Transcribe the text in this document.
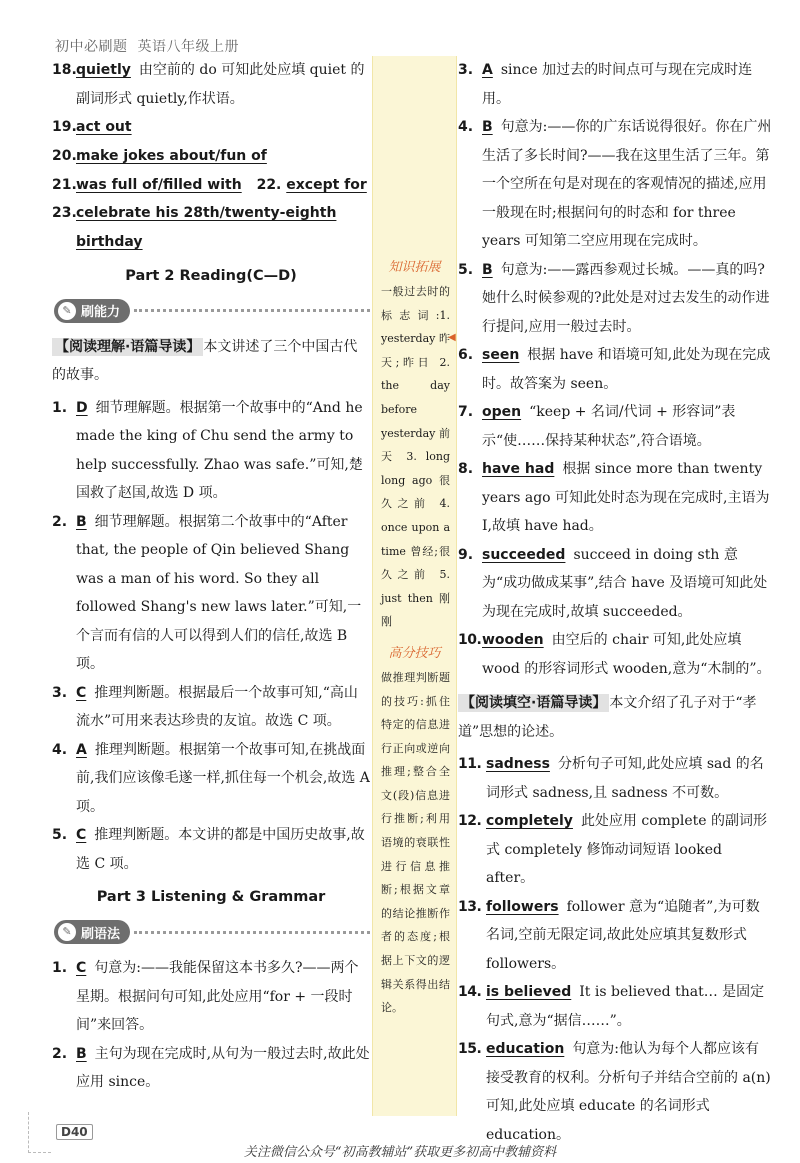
初中必刷题 英语八年级上册

18. quietly 由空前的 do 可知此处应填 quiet 的副词形式 quietly,作状语。

19. act out

20. make jokes about/fun of

21. was full of/filled with 22. except for

23. celebrate his 28th/twenty-eighth birthday

Part 2 Reading(C—D)
✎ 刷能力

【阅读理解·语篇导读】 本文讲述了三个中国古代的故事。

1. D 细节理解题。根据第一个故事中的“And he made the king of Chu send the army to help successfully. Zhao was safe.”可知,楚国救了赵国,故选 D 项。

2. B 细节理解题。根据第二个故事中的“After that, the people of Qin believed Shang was a man of his word. So they all followed Shang's new laws later.”可知,一个言而有信的人可以得到人们的信任,故选 B 项。

3. C 推理判断题。根据最后一个故事可知,“高山流水”可用来表达珍贵的友谊。故选 C 项。

4. A 推理判断题。根据第一个故事可知,在挑战面前,我们应该像毛遂一样,抓住每一个机会,故选 A 项。

5. C 推理判断题。本文讲的都是中国历史故事,故选 C 项。

Part 3 Listening & Grammar
✎ 刷语法

1. C 句意为:——我能保留这本书多久?——两个星期。根据问句可知,此处应用“for + 一段时间”来回答。

2. B 主句为现在完成时,从句为一般过去时,故此处应用 since。

知识拓展

一般过去时的标志词:1. yesterday 昨天;昨日 2. the day before yesterday 前天 3. long long ago 很久之前 4. once upon a time 曾经;很久之前 5. just then 刚刚

高分技巧

做推理判断题的技巧:抓住特定的信息进行正向或逆向推理;整合全文(段)信息进行推断;利用语境的衰联性进行信息推断;根据文章的结论推断作者的态度;根据上下文的逻辑关系得出结论。

◀

3. A since 加过去的时间点可与现在完成时连用。

4. B 句意为:——你的广东话说得很好。你在广州生活了多长时间?——我在这里生活了三年。第一个空所在句是对现在的客观情况的描述,应用一般现在时;根据问句的时态和 for three years 可知第二空应用现在完成时。

5. B 句意为:——露西参观过长城。——真的吗?她什么时候参观的?此处是对过去发生的动作进行提问,应用一般过去时。

6. seen 根据 have 和语境可知,此处为现在完成时。故答案为 seen。

7. open “keep + 名词/代词 + 形容词”表示“使……保持某种状态”,符合语境。

8. have had 根据 since more than twenty years ago 可知此处时态为现在完成时,主语为 I,故填 have had。

9. succeeded succeed in doing sth 意为“成功做成某事”,结合 have 及语境可知此处为现在完成时,故填 succeeded。

10. wooden 由空后的 chair 可知,此处应填 wood 的形容词形式 wooden,意为“木制的”。

【阅读填空·语篇导读】 本文介绍了孔子对于“孝道”思想的论述。

11. sadness 分析句子可知,此处应填 sad 的名词形式 sadness,且 sadness 不可数。

12. completely 此处应用 complete 的副词形式 completely 修饰动词短语 looked after。

13. followers follower 意为“追随者”,为可数名词,空前无限定词,故此处应填其复数形式 followers。

14. is believed It is believed that… 是固定句式,意为“据信……”。

15. education 句意为:他认为每个人都应该有接受教育的权利。分析句子并结合空前的 a(n) 可知,此处应填 educate 的名词形式 education。

D40
关注微信公众号“初高教辅站”获取更多初高中教辅资料
